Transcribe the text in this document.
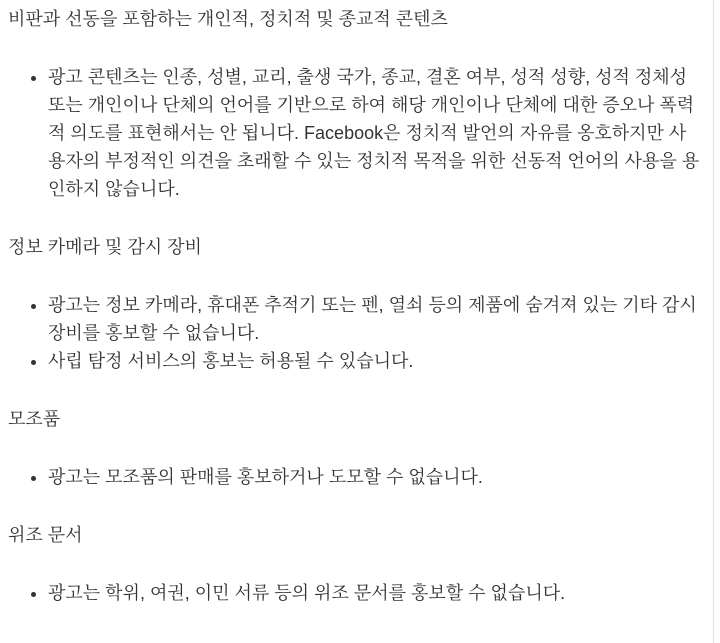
비판과 선동을 포함하는 개인적, 정치적 및 종교적 콘텐츠

• 광고 콘텐츠는 인종, 성별, 교리, 출생 국가, 종교, 결혼 여부, 성적 성향, 성적 정체성 또는 개인이나 단체의 언어를 기반으로 하여 해당 개인이나 단체에 대한 증오나 폭력적 의도를 표현해서는 안 됩니다. Facebook은 정치적 발언의 자유를 옹호하지만 사용자의 부정적인 의견을 초래할 수 있는 정치적 목적을 위한 선동적 언어의 사용을 용인하지 않습니다.

정보 카메라 및 감시 장비

• 광고는 정보 카메라, 휴대폰 추적기 또는 펜, 열쇠 등의 제품에 숨겨져 있는 기타 감시 장비를 홍보할 수 없습니다.
• 사립 탐정 서비스의 홍보는 허용될 수 있습니다.

모조품

• 광고는 모조품의 판매를 홍보하거나 도모할 수 없습니다.

위조 문서

• 광고는 학위, 여권, 이민 서류 등의 위조 문서를 홍보할 수 없습니다.
